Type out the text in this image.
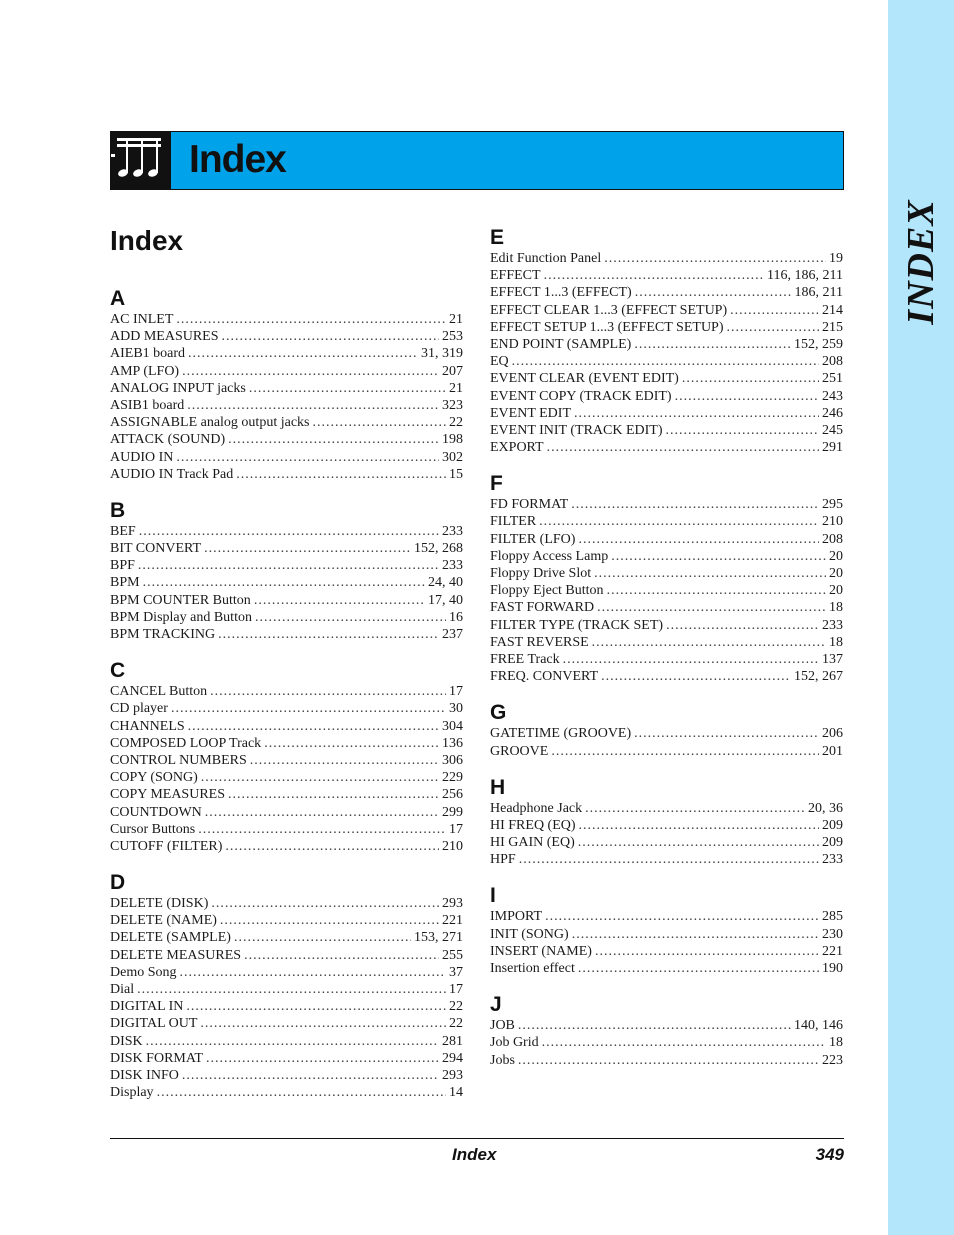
INDEX
Index
Index
A
AC INLET .....	21
ADD MEASURES .....	253
AIEB1 board .....	31, 319
AMP (LFO) .....	207
ANALOG INPUT jacks .....	21
ASIB1 board .....	323
ASSIGNABLE analog output jacks .....	22
ATTACK (SOUND) .....	198
AUDIO IN .....	302
AUDIO IN Track Pad .....	15
B
BEF .....	233
BIT CONVERT .....	152, 268
BPF .....	233
BPM .....	24, 40
BPM COUNTER Button .....	17, 40
BPM Display and Button .....	16
BPM TRACKING .....	237
C
CANCEL Button .....	17
CD player .....	30
CHANNELS .....	304
COMPOSED LOOP Track .....	136
CONTROL NUMBERS .....	306
COPY (SONG) .....	229
COPY MEASURES .....	256
COUNTDOWN .....	299
Cursor Buttons .....	17
CUTOFF (FILTER) .....	210
D
DELETE (DISK) .....	293
DELETE (NAME) .....	221
DELETE (SAMPLE) .....	153, 271
DELETE MEASURES .....	255
Demo Song .....	37
Dial .....	17
DIGITAL IN .....	22
DIGITAL OUT .....	22
DISK .....	281
DISK FORMAT .....	294
DISK INFO .....	293
Display .....	14
E
Edit Function Panel .....	19
EFFECT .....	116, 186, 211
EFFECT 1...3 (EFFECT) .....	186, 211
EFFECT CLEAR 1...3 (EFFECT SETUP) .....	214
EFFECT SETUP 1...3 (EFFECT SETUP) .....	215
END POINT (SAMPLE) .....	152, 259
EQ .....	208
EVENT CLEAR (EVENT EDIT) .....	251
EVENT COPY (TRACK EDIT) .....	243
EVENT EDIT .....	246
EVENT INIT (TRACK EDIT) .....	245
EXPORT .....	291
F
FD FORMAT .....	295
FILTER .....	210
FILTER (LFO) .....	208
Floppy Access Lamp .....	20
Floppy Drive Slot .....	20
Floppy Eject Button .....	20
FAST FORWARD .....	18
FILTER TYPE (TRACK SET) .....	233
FAST REVERSE .....	18
FREE Track .....	137
FREQ. CONVERT .....	152, 267
G
GATETIME (GROOVE) .....	206
GROOVE .....	201
H
Headphone Jack .....	20, 36
HI FREQ (EQ) .....	209
HI GAIN (EQ) .....	209
HPF .....	233
I
IMPORT .....	285
INIT (SONG) .....	230
INSERT (NAME) .....	221
Insertion effect .....	190
J
JOB .....	140, 146
Job Grid .....	18
Jobs .....	223
Index	349
